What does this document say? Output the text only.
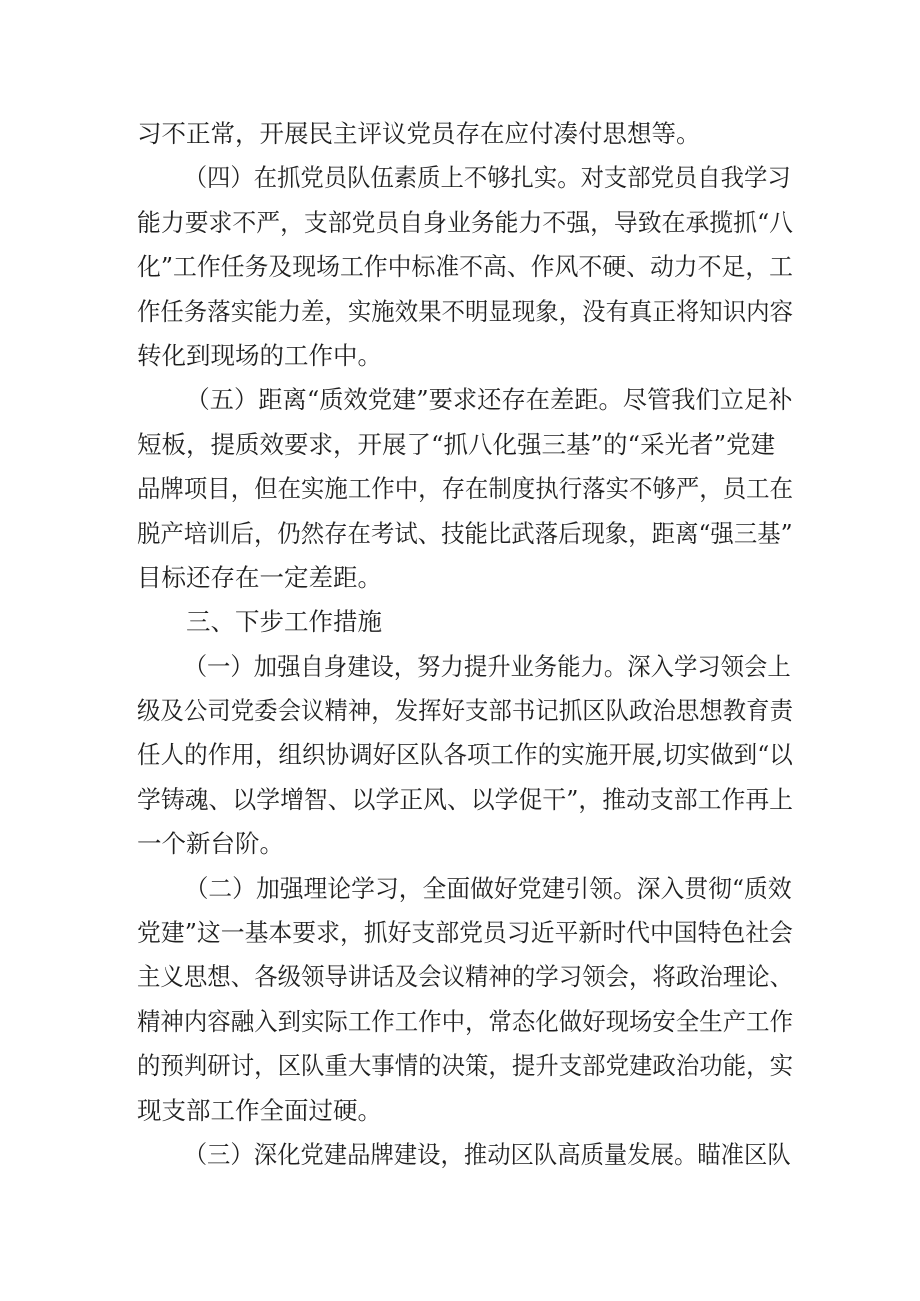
习不正常，开展民主评议党员存在应付凑付思想等。

（四）在抓党员队伍素质上不够扎实。对支部党员自我学习

能力要求不严，支部党员自身业务能力不强，导致在承揽抓“八

化”工作任务及现场工作中标准不高、作风不硬、动力不足，工

作任务落实能力差，实施效果不明显现象，没有真正将知识内容

转化到现场的工作中。

（五）距离“质效党建”要求还存在差距。尽管我们立足补

短板，提质效要求，开展了“抓八化强三基”的“采光者”党建

品牌项目，但在实施工作中，存在制度执行落实不够严，员工在

脱产培训后，仍然存在考试、技能比武落后现象，距离“强三基”

目标还存在一定差距。

三、下步工作措施

（一）加强自身建设，努力提升业务能力。深入学习领会上

级及公司党委会议精神，发挥好支部书记抓区队政治思想教育责

任人的作用，组织协调好区队各项工作的实施开展,切实做到“以

学铸魂、以学增智、以学正风、以学促干”，推动支部工作再上

一个新台阶。

（二）加强理论学习，全面做好党建引领。深入贯彻“质效

党建”这一基本要求，抓好支部党员习近平新时代中国特色社会

主义思想、各级领导讲话及会议精神的学习领会，将政治理论、

精神内容融入到实际工作工作中，常态化做好现场安全生产工作

的预判研讨，区队重大事情的决策，提升支部党建政治功能，实

现支部工作全面过硬。

（三）深化党建品牌建设，推动区队高质量发展。瞄准区队
